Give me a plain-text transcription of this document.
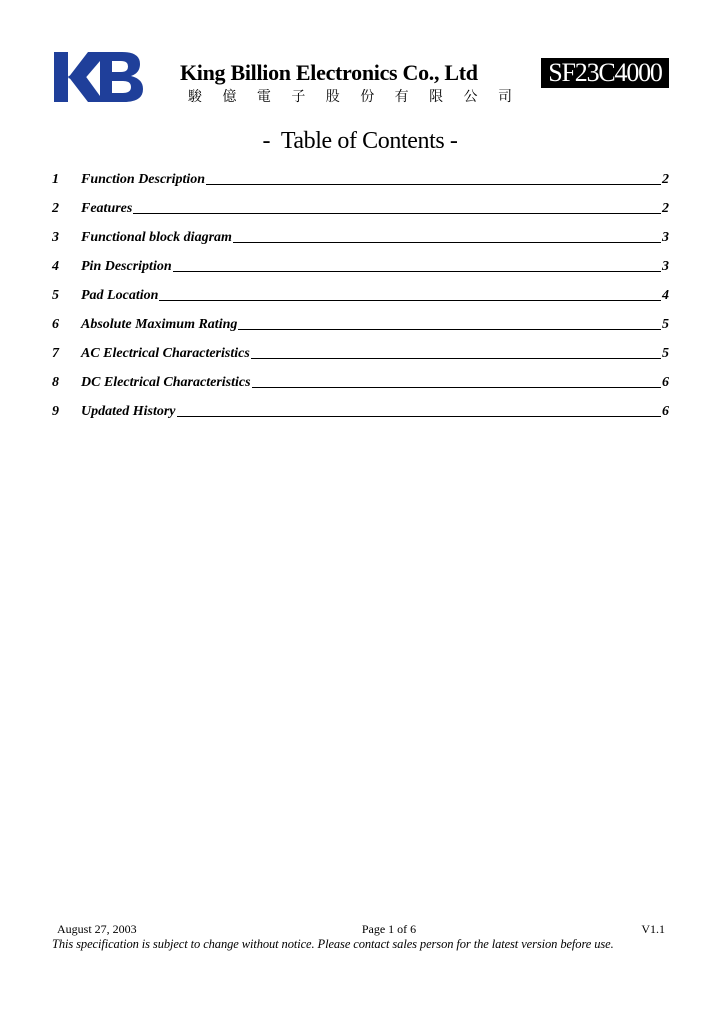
King Billion Electronics Co., Ltd
駿 億 電 子 股 份 有 限 公 司
SF23C4000
-  Table of Contents -
1	Function Description	2
2	Features	2
3	Functional block diagram	3
4	Pin Description	3
5	Pad Location	4
6	Absolute Maximum Rating	5
7	AC Electrical Characteristics	5
8	DC Electrical Characteristics	6
9	Updated History	6
August 27, 2003	Page 1 of 6	V1.1
This specification is subject to change without notice. Please contact sales person for the latest version before use.
